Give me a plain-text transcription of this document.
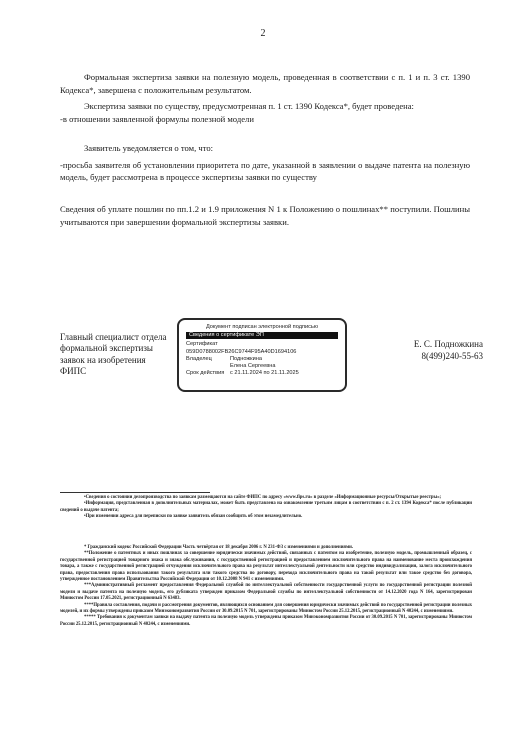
2
Формальная экспертиза заявки на полезную модель, проведенная в соответствии с п. 1 и п. 3 ст. 1390 Кодекса*, завершена с положительным результатом.
Экспертиза заявки по существу, предусмотренная п. 1 ст. 1390 Кодекса*, будет проведена:
-в отношении заявленной формулы полезной модели
Заявитель уведомляется о том, что:
-просьба заявителя об установлении приоритета по дате, указанной в заявлении о выдаче патента на полезную модель, будет рассмотрена в процессе экспертизы заявки по существу
Сведения об уплате пошлин по пп.1.2 и 1.9 приложения N 1 к Положению о пошлинах** поступили. Пошлины учитываются при завершении формальной экспертизы заявки.
Главный специалист отдела формальной экспертизы заявок на изобретения ФИПС
Документ подписан электронной подписью
Сведения о сертификате ЭП
Сертификат
059D0788002FB26C9744F95A40D1694106
Владелец	Подножкина
Елена Сергеевна
Срок действия	с 21.11.2024 по 21.11.2025
Е. С. Подножкина
8(499)240-55-63
•Сведения о состоянии делопроизводства по заявкам размещаются на сайте ФИПС по адресу «www.fips.ru» в разделе «Информационные ресурсы/Открытые реестры»;
•Информация, представленная в дополнительных материалах, может быть представлена на ознакомление третьим лицам в соответствии с п. 2 ст. 1394 Кодекса* после публикации сведений о выдаче патента;
•При изменении адреса для переписки по заявке заявитель обязан сообщить об этом незамедлительно.
* Гражданский кодекс Российской Федерации Часть четвёртая от 18 декабря 2006 г. N 231-ФЗ с изменениями и дополнениями.
**Положение о патентных и иных пошлинах за совершение юридически значимых действий, связанных с патентом на изобретение, полезную модель, промышленный образец, с государственной регистрацией товарного знака и знака обслуживания, с государственной регистрацией и предоставлением исключительного права на наименование места происхождения товара, а также с государственной регистрацией отчуждения исключительного права на результат интеллектуальной деятельности или средство индивидуализации, залога исключительного права, предоставления права использования такого результата или такого средства по договору, перехода исключительного права на такой результат или такое средство без договора, утвержденное постановлением Правительства Российской Федерации от 10.12.2008 N 941 с изменениями.
***Административный регламент предоставления Федеральной службой по интеллектуальной собственности государственной услуги по государственной регистрации полезной модели и выдаче патента на полезную модель, его дубликата утвержден приказом Федеральной службы по интеллектуальной собственности от 14.12.2020 года N 164, зарегистрирован Минюстом России 17.05.2021, регистрационный N 63483.
****Правила составления, подачи и рассмотрения документов, являющихся основанием для совершения юридически значимых действий по государственной регистрации полезных моделей, и их формы утверждены приказом Минэкономразвития России от 30.09.2015 N 701, зарегистрированы Минюстом России 25.12.2015, регистрационный N 40244, с изменениями.
***** Требования к документам заявки на выдачу патента на полезную модель утверждены приказом Минэкономразвития России от 30.09.2015 N 701, зарегистрированы Минюстом России 25.12.2015, регистрационный N 40244, с изменениями.
